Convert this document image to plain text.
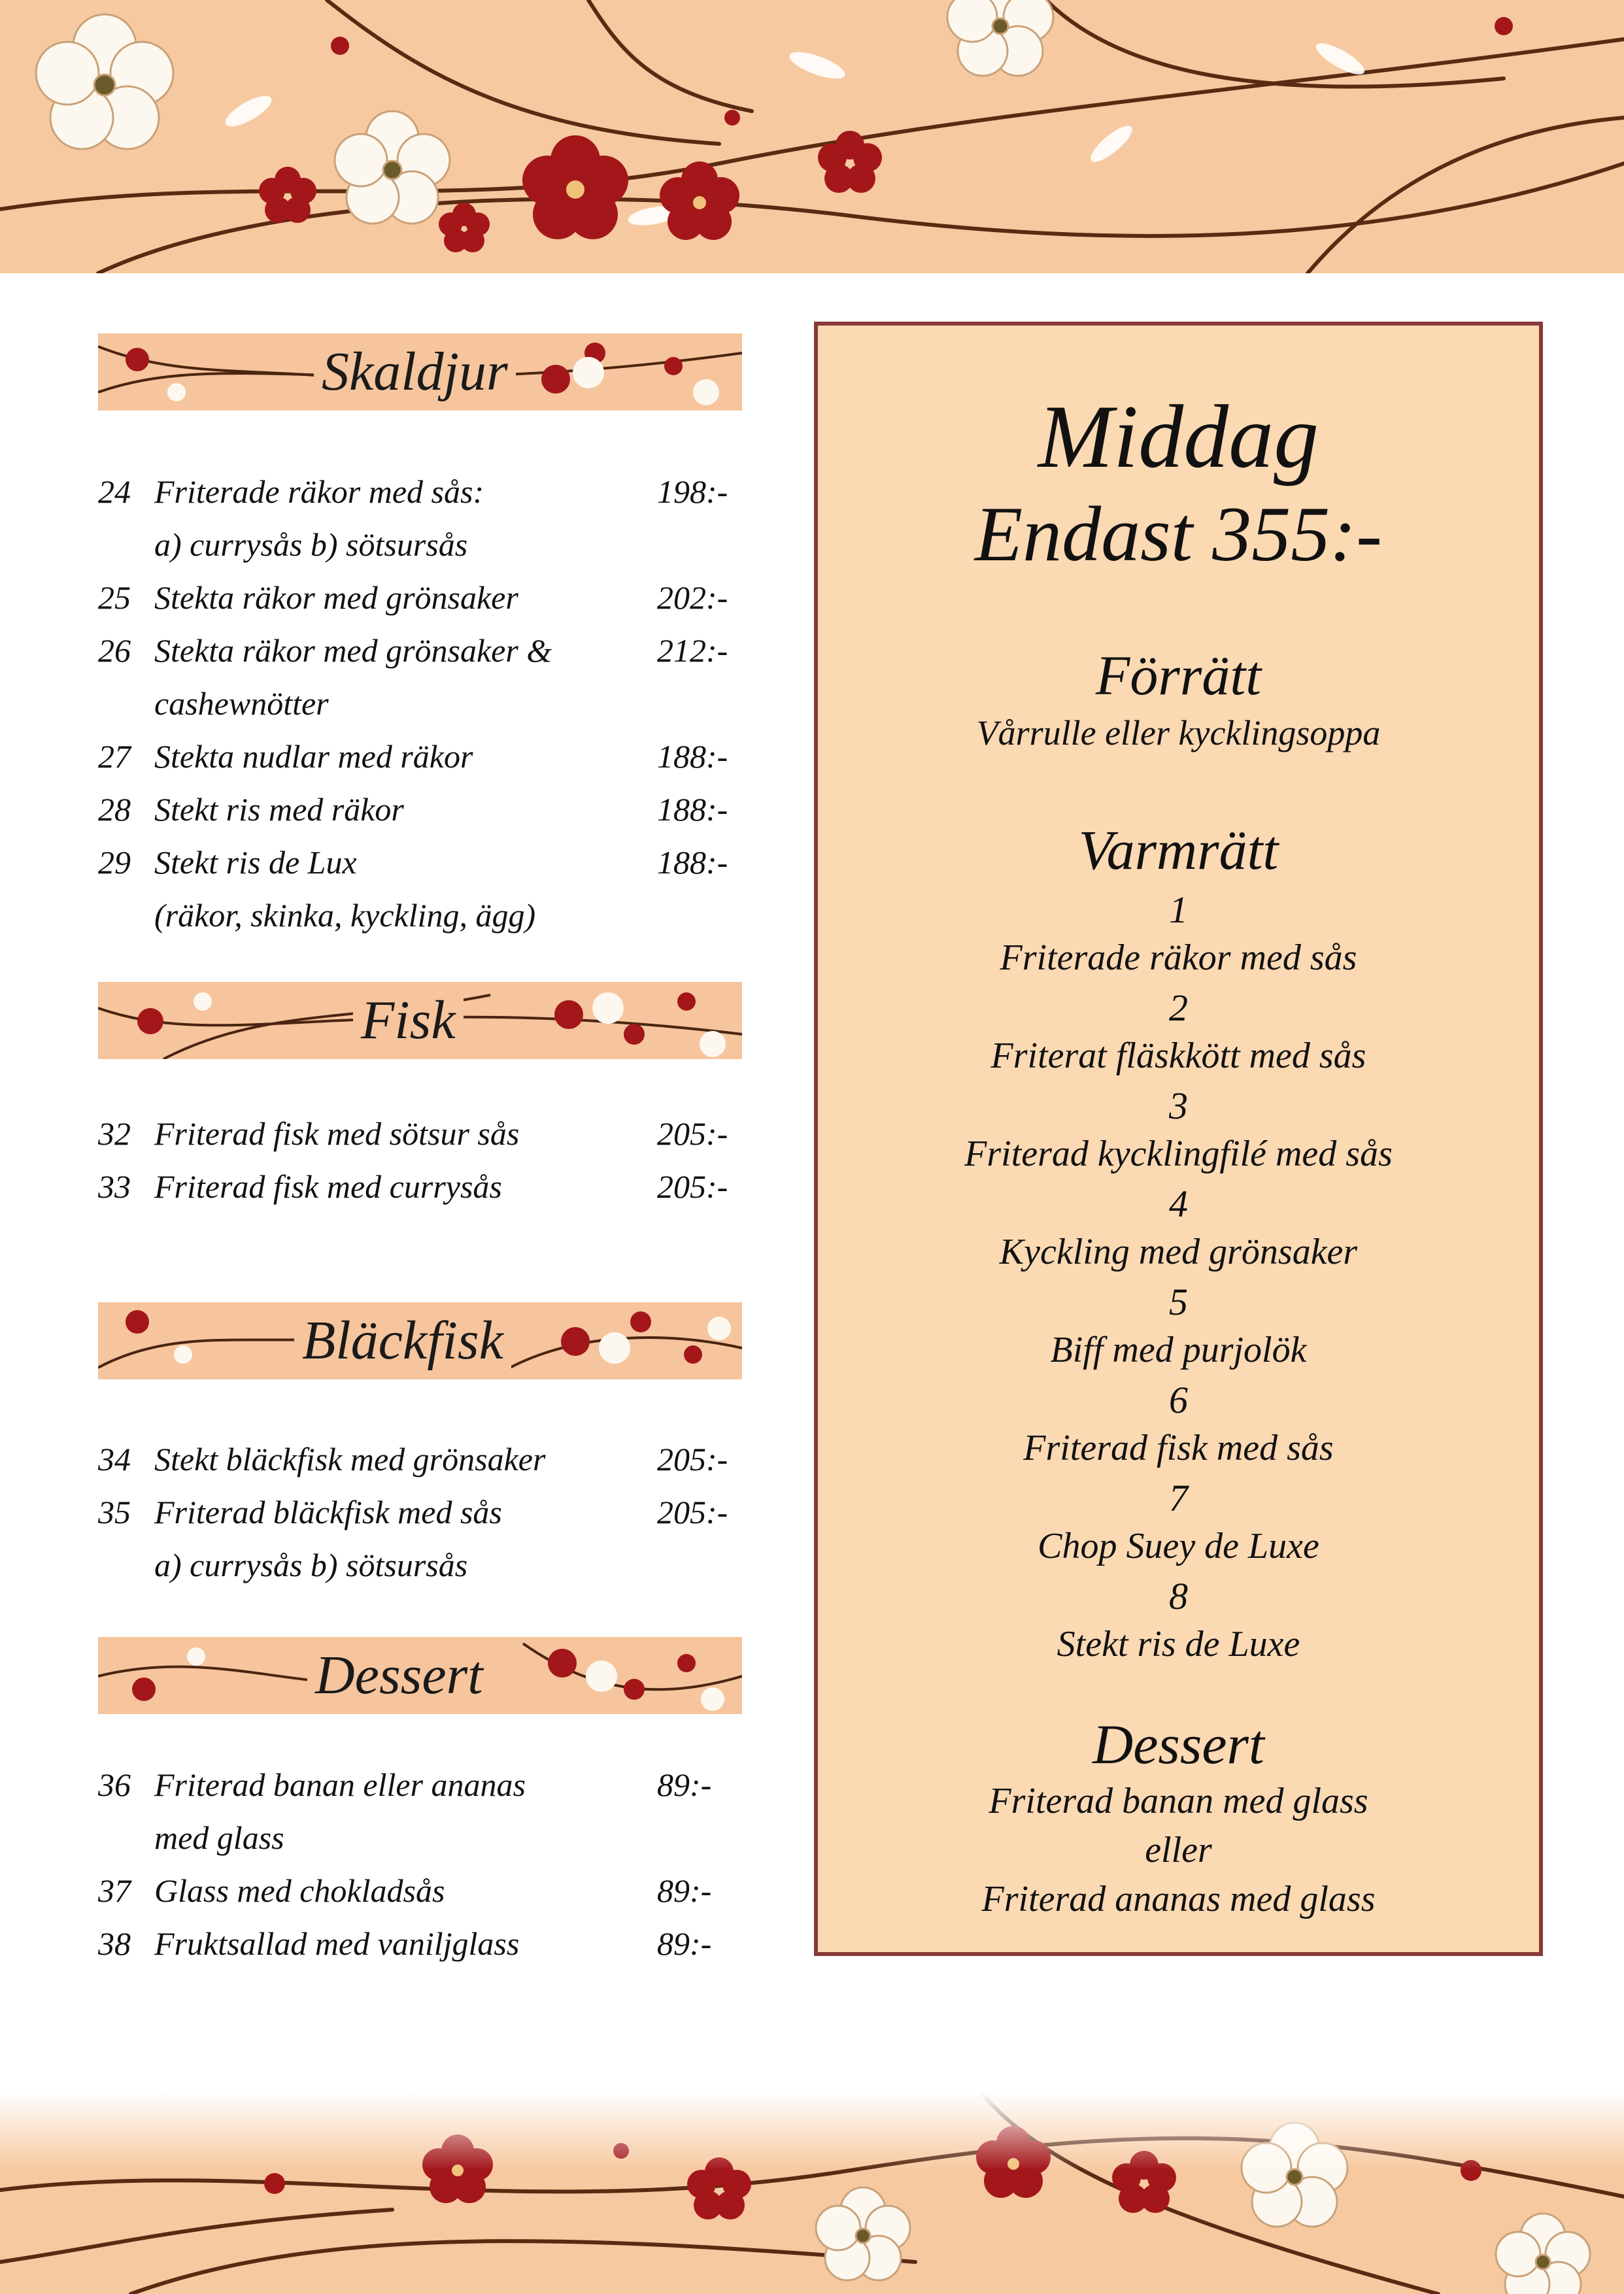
Skaldjur
24 Friterade räkor med sås:	198:-
a) currysås b) sötsursås
25 Stekta räkor med grönsaker	202:-
26 Stekta räkor med grönsaker &	212:-
cashewnötter
27 Stekta nudlar med räkor	188:-
28 Stekt ris med räkor	188:-
29 Stekt ris de Lux	188:-
(räkor, skinka, kyckling, ägg)
Fisk
32 Friterad fisk med sötsur sås	205:-
33 Friterad fisk med currysås	205:-
Bläckfisk
34 Stekt bläckfisk med grönsaker	205:-
35 Friterad bläckfisk med sås	205:-
a) currysås b) sötsursås
Dessert
36 Friterad banan eller ananas	89:-
med glass
37 Glass med chokladsås	89:-
38 Fruktsallad med vaniljglass	89:-
Middag
Endast 355:-
Förrätt
Vårrulle eller kycklingsoppa
Varmrätt
1
Friterade räkor med sås
2
Friterat fläskkött med sås
3
Friterad kycklingfilé med sås
4
Kyckling med grönsaker
5
Biff med purjolök
6
Friterad fisk med sås
7
Chop Suey de Luxe
8
Stekt ris de Luxe
Dessert
Friterad banan med glass
eller
Friterad ananas med glass
